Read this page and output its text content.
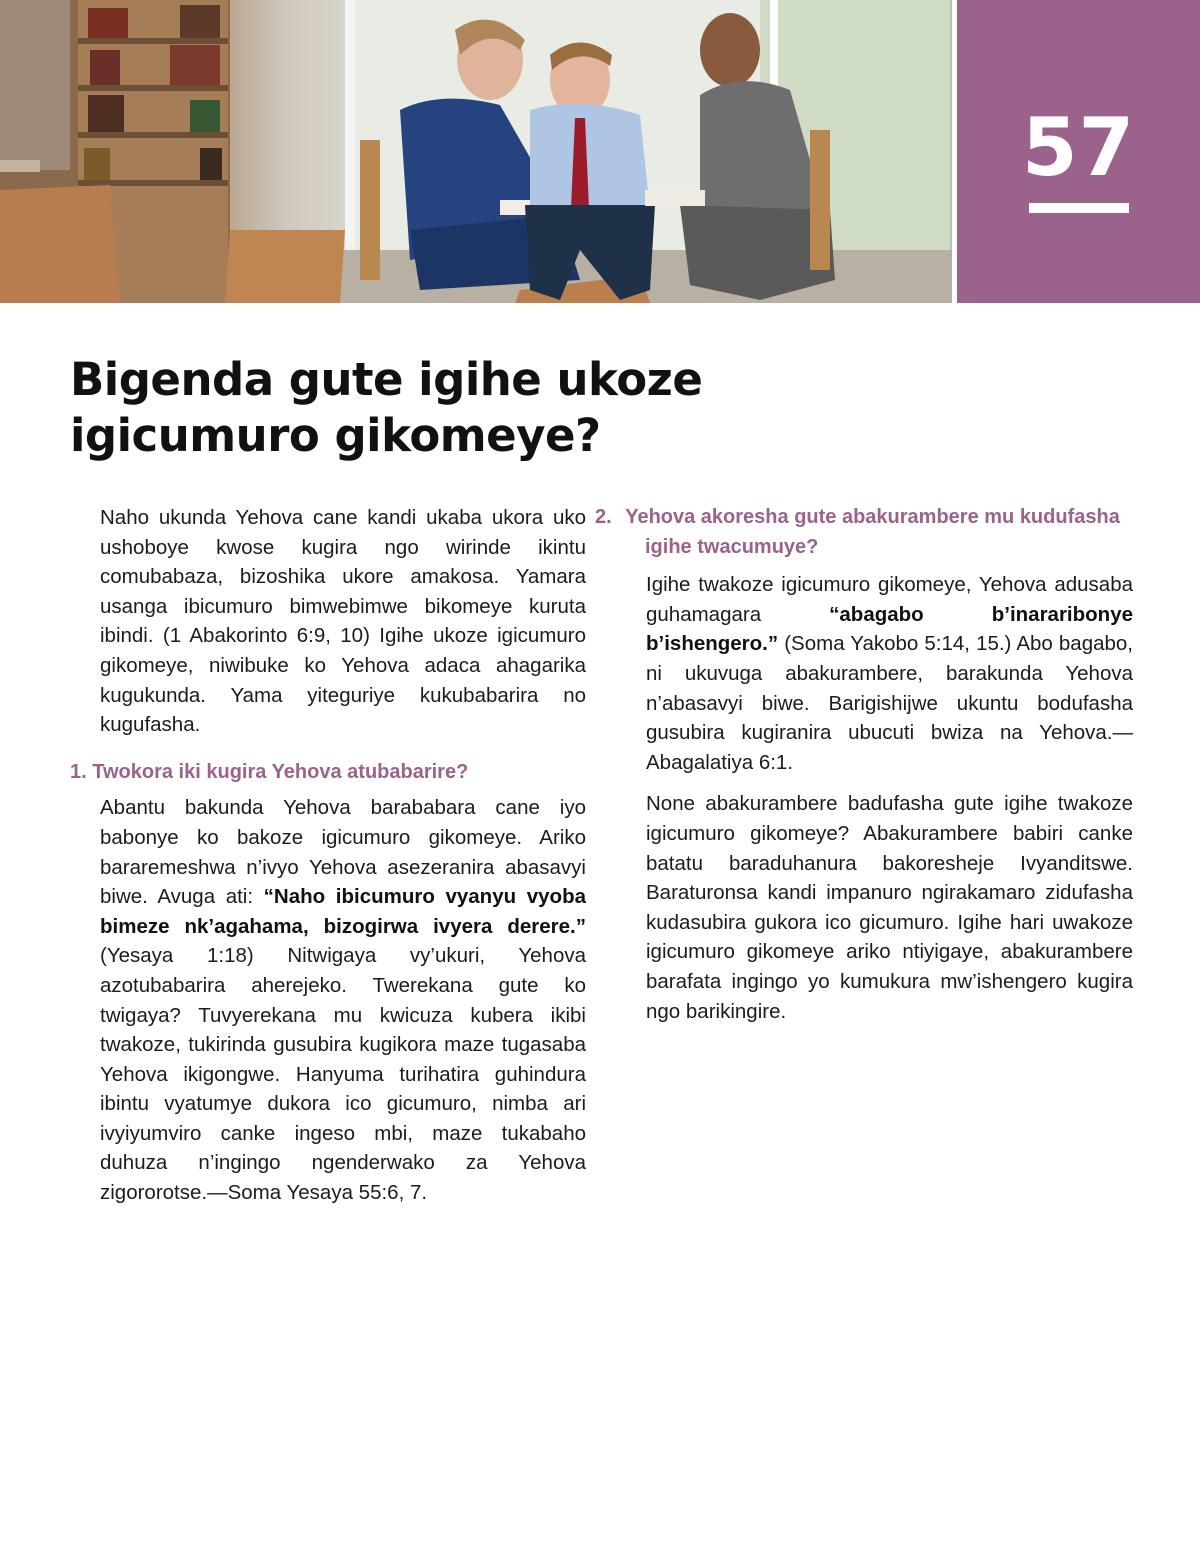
57
Bigenda gute igihe ukoze igicumuro gikomeye?

Naho ukunda Yehova cane kandi ukaba ukora uko ushoboye kwose kugira ngo wirinde ikintu comubabaza, bizoshika ukore amakosa. Yamara usanga ibicumuro bimwebimwe bikomeye kuruta ibindi. (1 Abakorinto 6:9, 10) Igihe ukoze igicumuro gikomeye, niwibuke ko Yehova adaca ahagarika kugukunda. Yama yiteguriye kukubabarira no kugufasha.

1. Twokora iki kugira Yehova atubabarire?

Abantu bakunda Yehova barababara cane iyo babonye ko bakoze igicumuro gikomeye. Ariko bararemeshwa n’ivyo Yehova asezeranira abasavyi biwe. Avuga ati: “Naho ibicumuro vyanyu vyoba bimeze nk’agahama, bizogirwa ivyera derere.” (Yesaya 1:18) Nitwigaya vy’ukuri, Yehova azotubabarira aherejeko. Twerekana gute ko twigaya? Tuvyerekana mu kwicuza kubera ikibi twakoze, tukirinda gusubira kugikora maze tugasaba Yehova ikigongwe. Hanyuma turihatira guhindura ibintu vyatumye dukora ico gicumuro, nimba ari ivyiyumviro canke ingeso mbi, maze tukabaho duhuza n’ingingo ngenderwako za Yehova zigororotse.—Soma Yesaya 55:6, 7.

2. Yehova akoresha gute abakurambere mu kudufasha igihe twacumuye?

Igihe twakoze igicumuro gikomeye, Yehova adusaba guhamagara “abagabo b’inararibonye b’ishengero.” (Soma Yakobo 5:14, 15.) Abo bagabo, ni ukuvuga abakurambere, barakunda Yehova n’abasavyi biwe. Barigishijwe ukuntu bodufasha gusubira kugiranira ubucuti bwiza na Yehova.—Abagalatiya 6:1.

None abakurambere badufasha gute igihe twakoze igicumuro gikomeye? Abakurambere babiri canke batatu baraduhanura bakoresheje Ivyanditswe. Baraturonsa kandi impanuro ngirakamaro zidufasha kudasubira gukora ico gicumuro. Igihe hari uwakoze igicumuro gikomeye ariko ntiyigaye, abakurambere barafata ingingo yo kumukura mw’ishengero kugira ngo barikingire.
